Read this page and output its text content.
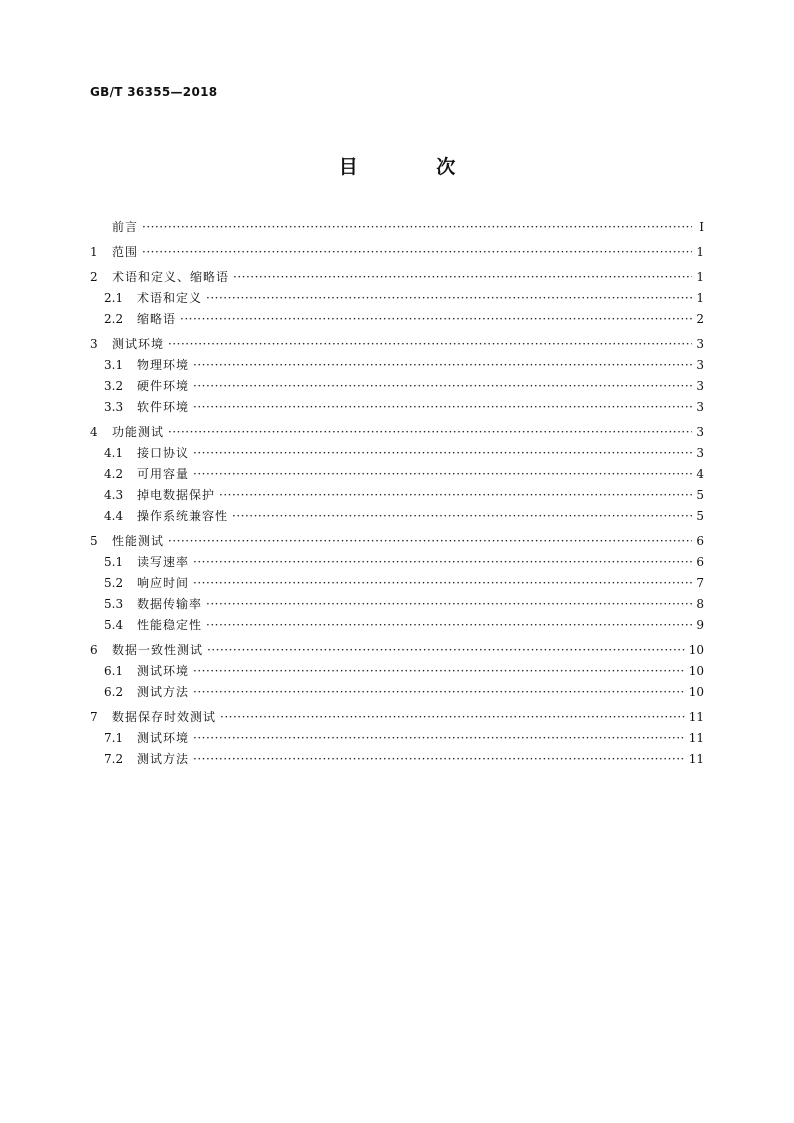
GB/T 36355—2018
目 次
前言 ·····	Ⅰ
1	范围 ·····	1
2	术语和定义、缩略语 ·····	1
2.1	术语和定义 ·····	1
2.2	缩略语 ·····	2
3	测试环境 ·····	3
3.1	物理环境 ·····	3
3.2	硬件环境 ·····	3
3.3	软件环境 ·····	3
4	功能测试 ·····	3
4.1	接口协议 ·····	3
4.2	可用容量 ·····	4
4.3	掉电数据保护 ·····	5
4.4	操作系统兼容性 ·····	5
5	性能测试 ·····	6
5.1	读写速率 ·····	6
5.2	响应时间 ·····	7
5.3	数据传输率 ·····	8
5.4	性能稳定性 ·····	9
6	数据一致性测试 ·····	10
6.1	测试环境 ·····	10
6.2	测试方法 ·····	10
7	数据保存时效测试 ·····	11
7.1	测试环境 ·····	11
7.2	测试方法 ·····	11
